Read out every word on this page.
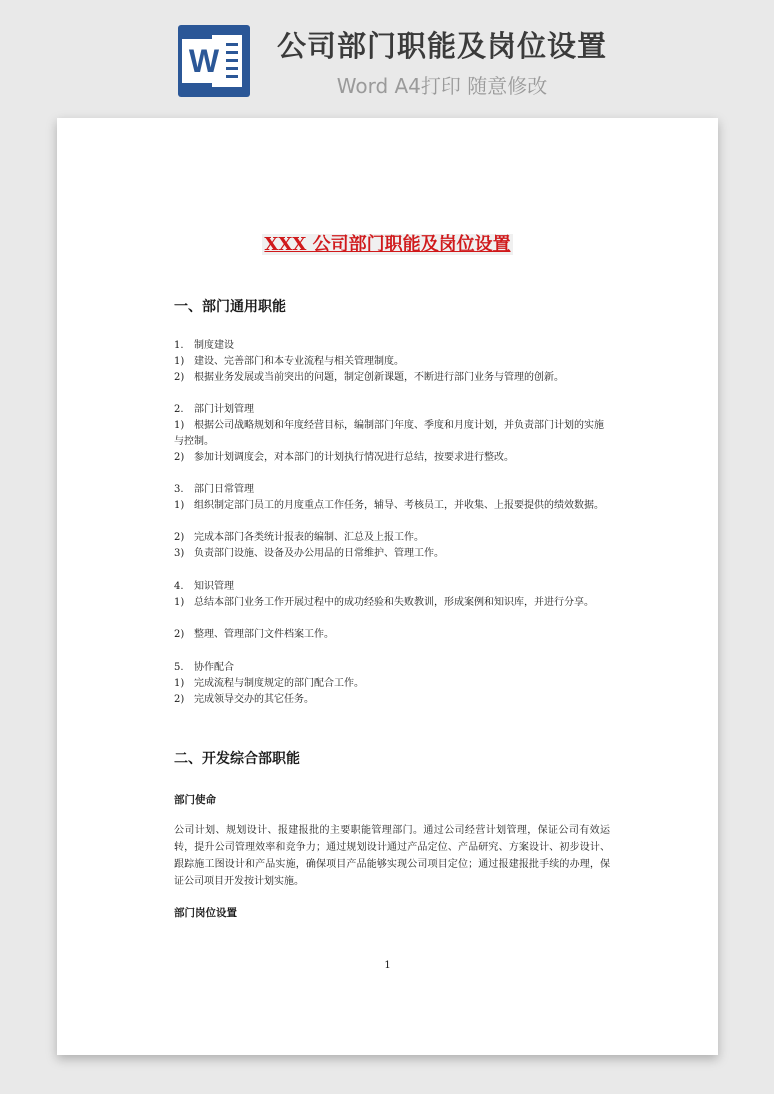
W	公司部门职能及岗位设置
Word A4打印 随意修改
XXX 公司部门职能及岗位设置
一、部门通用职能
1.	制度建设
1) 建设、完善部门和本专业流程与相关管理制度。
2) 根据业务发展或当前突出的问题，制定创新课题，不断进行部门业务与管理的创新。
2.	部门计划管理
1) 根据公司战略规划和年度经营目标，编制部门年度、季度和月度计划，并负责部门计划的实施与控制。
2) 参加计划调度会，对本部门的计划执行情况进行总结，按要求进行整改。
3.	部门日常管理
1) 组织制定部门员工的月度重点工作任务，辅导、考核员工，并收集、上报要提供的绩效数据。
2) 完成本部门各类统计报表的编制、汇总及上报工作。
3) 负责部门设施、设备及办公用品的日常维护、管理工作。
4.	知识管理
1) 总结本部门业务工作开展过程中的成功经验和失败教训，形成案例和知识库，并进行分享。
2) 整理、管理部门文件档案工作。
5.	协作配合
1) 完成流程与制度规定的部门配合工作。
2) 完成领导交办的其它任务。
二、开发综合部职能
部门使命
公司计划、规划设计、报建报批的主要职能管理部门。通过公司经营计划管理，保证公司有效运转，提升公司管理效率和竞争力；通过规划设计通过产品定位、产品研究、方案设计、初步设计、跟踪施工图设计和产品实施，确保项目产品能够实现公司项目定位；通过报建报批手续的办理，保证公司项目开发按计划实施。
部门岗位设置
1
